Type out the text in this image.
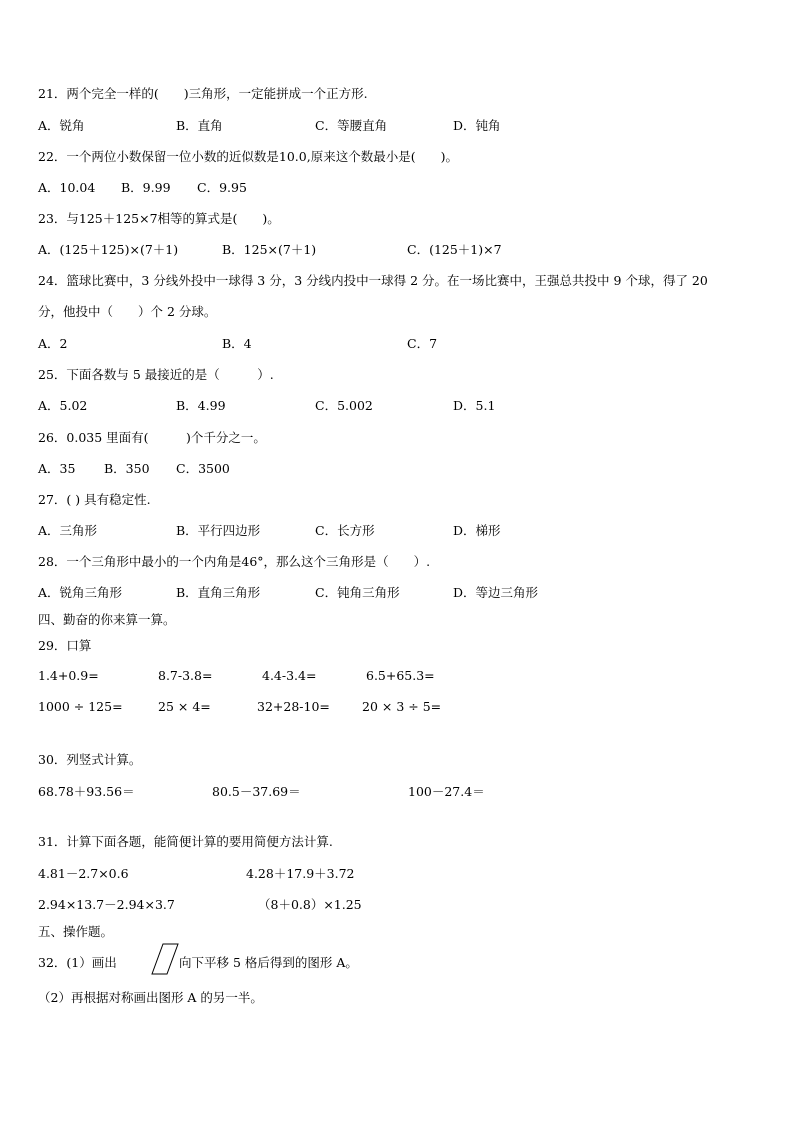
21．两个完全一样的(　　)三角形，一定能拼成一个正方形.
A．锐角	B．直角	C．等腰直角	D．钝角
22．一个两位小数保留一位小数的近似数是10.0,原来这个数最小是(　　)。
A．10.04 B．9.99 C．9.95
23．与125＋125×7相等的算式是(　　)。
A．(125＋125)×(7＋1)	B．125×(7＋1)	C．(125＋1)×7
24．篮球比赛中，3 分线外投中一球得 3 分，3 分线内投中一球得 2 分。在一场比赛中，王强总共投中 9 个球，得了 20
分，他投中（　　）个 2 分球。
A．2	B．4	C．7
25．下面各数与 5 最接近的是（　　　）.
A．5.02	B．4.99	C．5.002	D．5.1
26．0.035 里面有(　　　)个千分之一。
A．35 B．350 C．3500
27．( ) 具有稳定性.
A．三角形	B．平行四边形	C．长方形	D．梯形
28．一个三角形中最小的一个内角是46°，那么这个三角形是（　　）.
A．锐角三角形	B．直角三角形	C．钝角三角形	D．等边三角形
四、勤奋的你来算一算。
29．口算
1.4+0.9=	8.7-3.8=	4.4-3.4=	6.5+65.3=
1000 ÷ 125=	25 × 4=	32+28-10=	20 × 3 ÷ 5=
30．列竖式计算。
68.78＋93.56＝	80.5－37.69＝	100－27.4＝
31．计算下面各题，能简便计算的要用简便方法计算.
4.81－2.7×0.6	4.28＋17.9＋3.72
2.94×13.7－2.94×3.7	（8＋0.8）×1.25
五、操作题。
32．(1）画出	向下平移 5 格后得到的图形 A。
（2）再根据对称画出图形 A 的另一半。
